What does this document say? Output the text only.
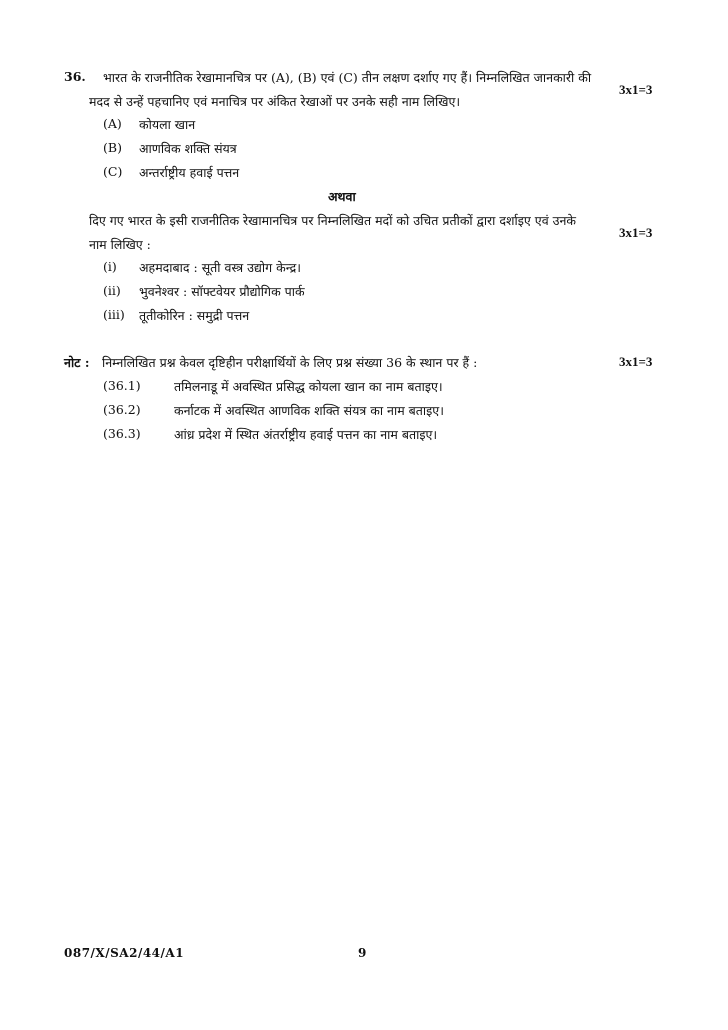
36. भारत के राजनीतिक रेखामानचित्र पर (A), (B) एवं (C) तीन लक्षण दर्शाए गए हैं। निम्नलिखित जानकारी की
3x1=3
मदद से उन्हें पहचानिए एवं मनाचित्र पर अंकित रेखाओं पर उनके सही नाम लिखिए।
(A) कोयला खान
(B) आणविक शक्ति संयत्र
(C) अन्तर्राष्ट्रीय हवाई पत्तन
अथवा
दिए गए भारत के इसी राजनीतिक रेखामानचित्र पर निम्नलिखित मदों को उचित प्रतीकों द्वारा दर्शाइए एवं उनके
3x1=3
नाम लिखिए :
(i) अहमदाबाद : सूती वस्त्र उद्योग केन्द्र।
(ii) भुवनेश्वर : सॉफ्टवेयर प्रौद्योगिक पार्क
(iii) तूतीकोरिन : समुद्री पत्तन
नोट : निम्नलिखित प्रश्न केवल दृष्टिहीन परीक्षार्थियों के लिए प्रश्न संख्या 36 के स्थान पर हैं :	3x1=3
(36.1)	तमिलनाडू में अवस्थित प्रसिद्ध कोयला खान का नाम बताइए।
(36.2)	कर्नाटक में अवस्थित आणविक शक्ति संयत्र का नाम बताइए।
(36.3)	आंध्र प्रदेश में स्थित अंतर्राष्ट्रीय हवाई पत्तन का नाम बताइए।
087/X/SA2/44/A1	9
